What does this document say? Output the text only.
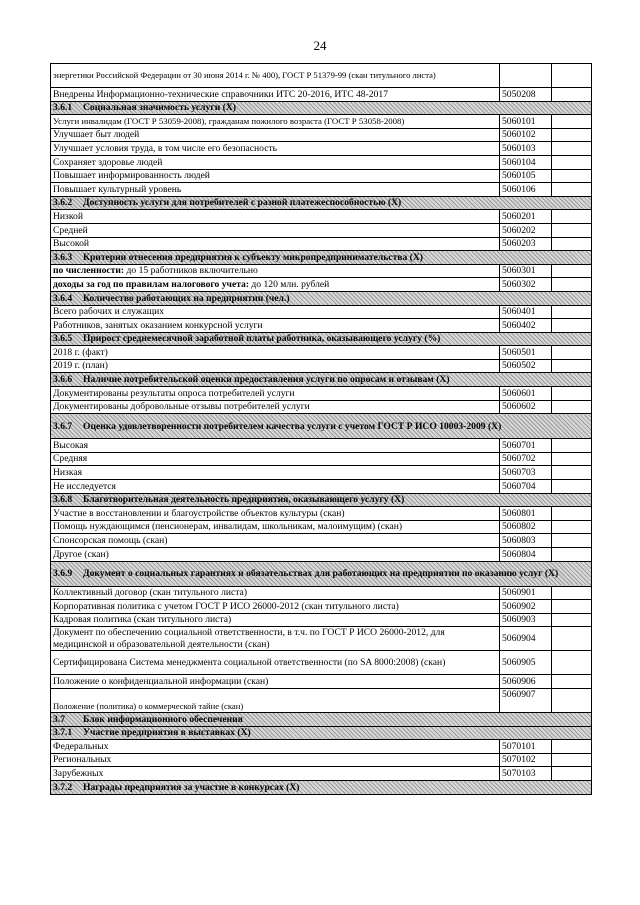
24
энергетики Российской Федерации от 30 июня 2014 г. № 400), ГОСТ Р 51379-99 (скан титульного листа)		
Внедрены Информационно-технические справочники ИТС 20-2016, ИТС 48-2017	5050208	
3.6.1 Социальная значимость услуги (X)		
Услуги инвалидам (ГОСТ Р 53059-2008), гражданам пожилого возраста (ГОСТ Р 53058-2008)	5060101	
Улучшает быт людей	5060102	
Улучшает условия труда, в том числе его безопасность	5060103	
Сохраняет здоровье людей	5060104	
Повышает информированность людей	5060105	
Повышает культурный уровень	5060106	
3.6.2 Доступность услуги для потребителей с разной платежеспособностью (X)		
Низкой	5060201	
Средней	5060202	
Высокой	5060203	
3.6.3 Критерии отнесения предприятия к субъекту микропредпринимательства (X)		
по численности: до 15 работников включительно	5060301	
доходы за год по правилам налогового учета: до 120 млн. рублей	5060302	
3.6.4 Количество работающих на предприятии (чел.)		
Всего рабочих и служащих	5060401	
Работников, занятых оказанием конкурсной услуги	5060402	
3.6.5 Прирост среднемесячной заработной платы работника, оказывающего услугу (%)		
2018 г. (факт)	5060501	
2019 г. (план)	5060502	
3.6.6 Наличие потребительской оценки предоставления услуги по опросам и отзывам (X)		
Документированы результаты опроса потребителей услуги	5060601	
Документированы добровольные отзывы потребителей услуги	5060602	
3.6.7 Оценка удовлетворенности потребителем качества услуги с учетом ГОСТ Р ИСО 10003-2009 (X)		
Высокая	5060701	
Средняя	5060702	
Низкая	5060703	
Не исследуется	5060704	
3.6.8 Благотворительная деятельность предприятия, оказывающего услугу (X)		
Участие в восстановлении и благоустройстве объектов культуры (скан)	5060801	
Помощь нуждающимся (пенсионерам, инвалидам, школьникам, малоимущим) (скан)	5060802	
Спонсорская помощь (скан)	5060803	
Другое (скан)	5060804	
3.6.9 Документ о социальных гарантиях и обязательствах для работающих на предприятии по оказанию услуг (X)		
Коллективный договор (скан титульного листа)	5060901	
Корпоративная политика с учетом ГОСТ Р ИСО 26000-2012 (скан титульного листа)	5060902	
Кадровая политика (скан титульного листа)	5060903	
Документ по обеспечению социальной ответственности, в т.ч. по ГОСТ Р ИСО 26000-2012, для медицинской и образовательной деятельности (скан)	5060904	
Сертифицирована Система менеджмента социальной ответственности (по SA 8000:2008) (скан)	5060905	
Положение о конфиденциальной информации (скан)	5060906	
Положение (политика) о коммерческой тайне (скан)	5060907	
3.7 Блок информационного обеспечения		
3.7.1 Участие предприятия в выставках (X)		
Федеральных	5070101	
Региональных	5070102	
Зарубежных	5070103	
3.7.2 Награды предприятия за участие в конкурсах (X)		
